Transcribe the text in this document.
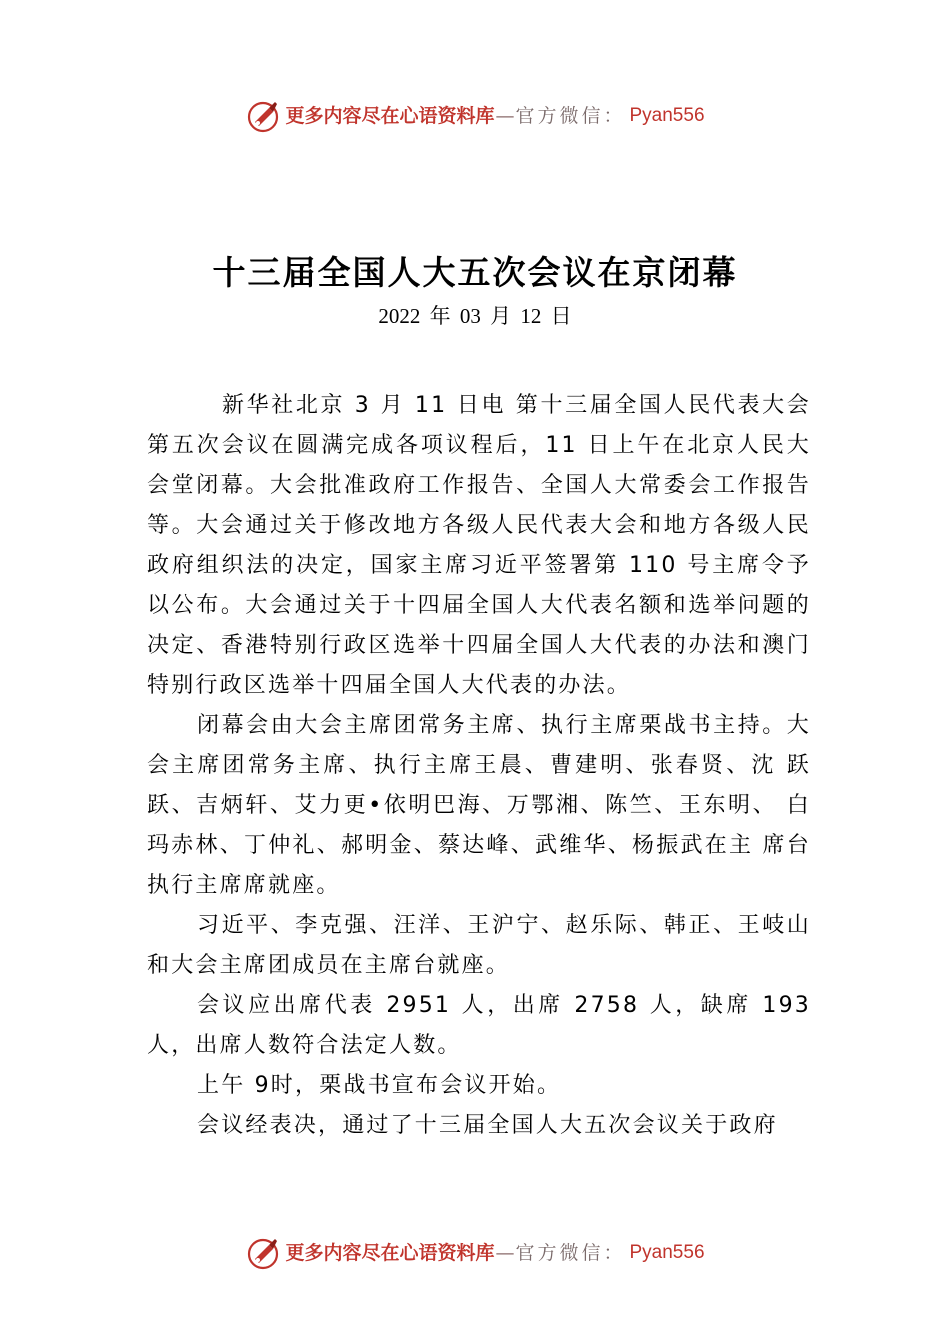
更多内容尽在心语资料库 — 官方微信： Pyan556
十三届全国人大五次会议在京闭幕
2022 年 03 月 12 日

新华社北京 3 月 11 日电 第十三届全国人民代表大会第五次会议在圆满完成各项议程后，11 日上午在北京人民大会堂闭幕。大会批准政府工作报告、全国人大常委会工作报告等。大会通过关于修改地方各级人民代表大会和地方各级人民政府组织法的决定，国家主席习近平签署第 110 号主席令予以公布。大会通过关于十四届全国人大代表名额和选举问题的决定、香港特别行政区选举十四届全国人大代表的办法和澳门特别行政区选举十四届全国人大代表的办法。

闭幕会由大会主席团常务主席、执行主席栗战书主持。大会主席团常务主席、执行主席王晨、曹建明、张春贤、沈 跃跃、吉炳轩、艾力更•依明巴海、万鄂湘、陈竺、王东明、 白玛赤林、丁仲礼、郝明金、蔡达峰、武维华、杨振武在主 席台执行主席席就座。

习近平、李克强、汪洋、王沪宁、赵乐际、韩正、王岐山和大会主席团成员在主席台就座。

会议应出席代表 2951 人，出席 2758 人，缺席 193 人，出席人数符合法定人数。

上午 9时，栗战书宣布会议开始。

会议经表决，通过了十三届全国人大五次会议关于政府

更多内容尽在心语资料库 — 官方微信： Pyan556
